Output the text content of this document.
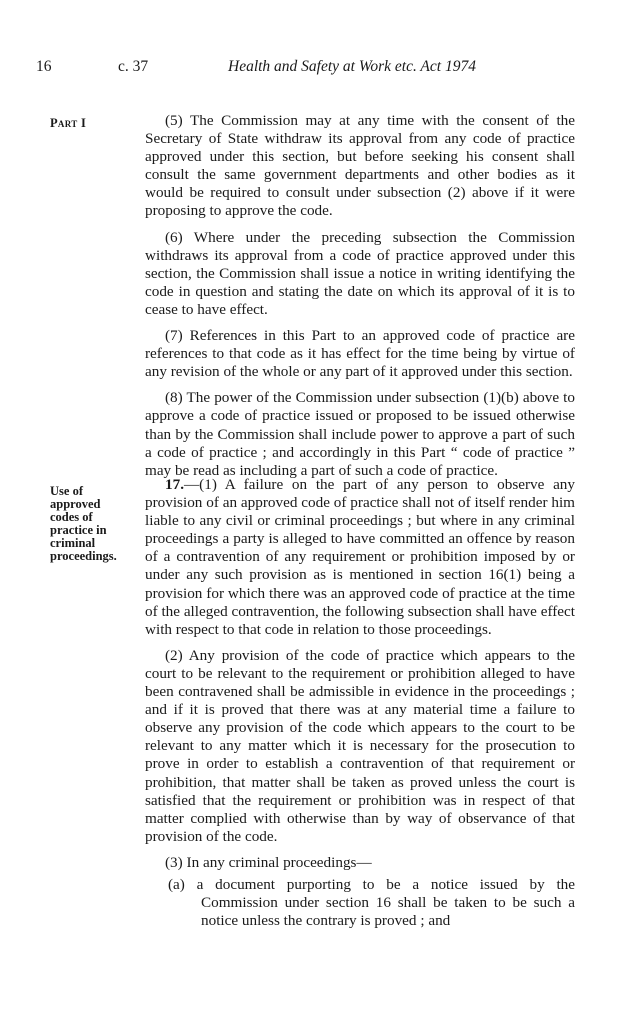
16	c. 37	Health and Safety at Work etc. Act 1974
Part I
Use of
approved
codes of
practice in
criminal
proceedings.

(5) The Commission may at any time with the consent of the Secretary of State withdraw its approval from any code of practice approved under this section, but before seeking his consent shall consult the same government departments and other bodies as it would be required to consult under subsection (2) above if it were proposing to approve the code.

(6) Where under the preceding subsection the Commission withdraws its approval from a code of practice approved under this section, the Commission shall issue a notice in writing identifying the code in question and stating the date on which its approval of it is to cease to have effect.

(7) References in this Part to an approved code of practice are references to that code as it has effect for the time being by virtue of any revision of the whole or any part of it approved under this section.

(8) The power of the Commission under subsection (1)(b) above to approve a code of practice issued or proposed to be issued otherwise than by the Commission shall include power to approve a part of such a code of practice ; and accordingly in this Part “ code of practice ” may be read as including a part of such a code of practice.

17.—(1) A failure on the part of any person to observe any provision of an approved code of practice shall not of itself render him liable to any civil or criminal proceedings ; but where in any criminal proceedings a party is alleged to have committed an offence by reason of a contravention of any requirement or prohibition imposed by or under any such provision as is mentioned in section 16(1) being a provision for which there was an approved code of practice at the time of the alleged contravention, the following subsection shall have effect with respect to that code in relation to those proceedings.

(2) Any provision of the code of practice which appears to the court to be relevant to the requirement or prohibition alleged to have been contravened shall be admissible in evidence in the proceedings ; and if it is proved that there was at any material time a failure to observe any provision of the code which appears to the court to be relevant to any matter which it is necessary for the prosecution to prove in order to establish a contravention of that requirement or prohibition, that matter shall be taken as proved unless the court is satisfied that the requirement or prohibition was in respect of that matter complied with otherwise than by way of observance of that provision of the code.

(3) In any criminal proceedings—

(a) a document purporting to be a notice issued by the Commission under section 16 shall be taken to be such a notice unless the contrary is proved ; and
